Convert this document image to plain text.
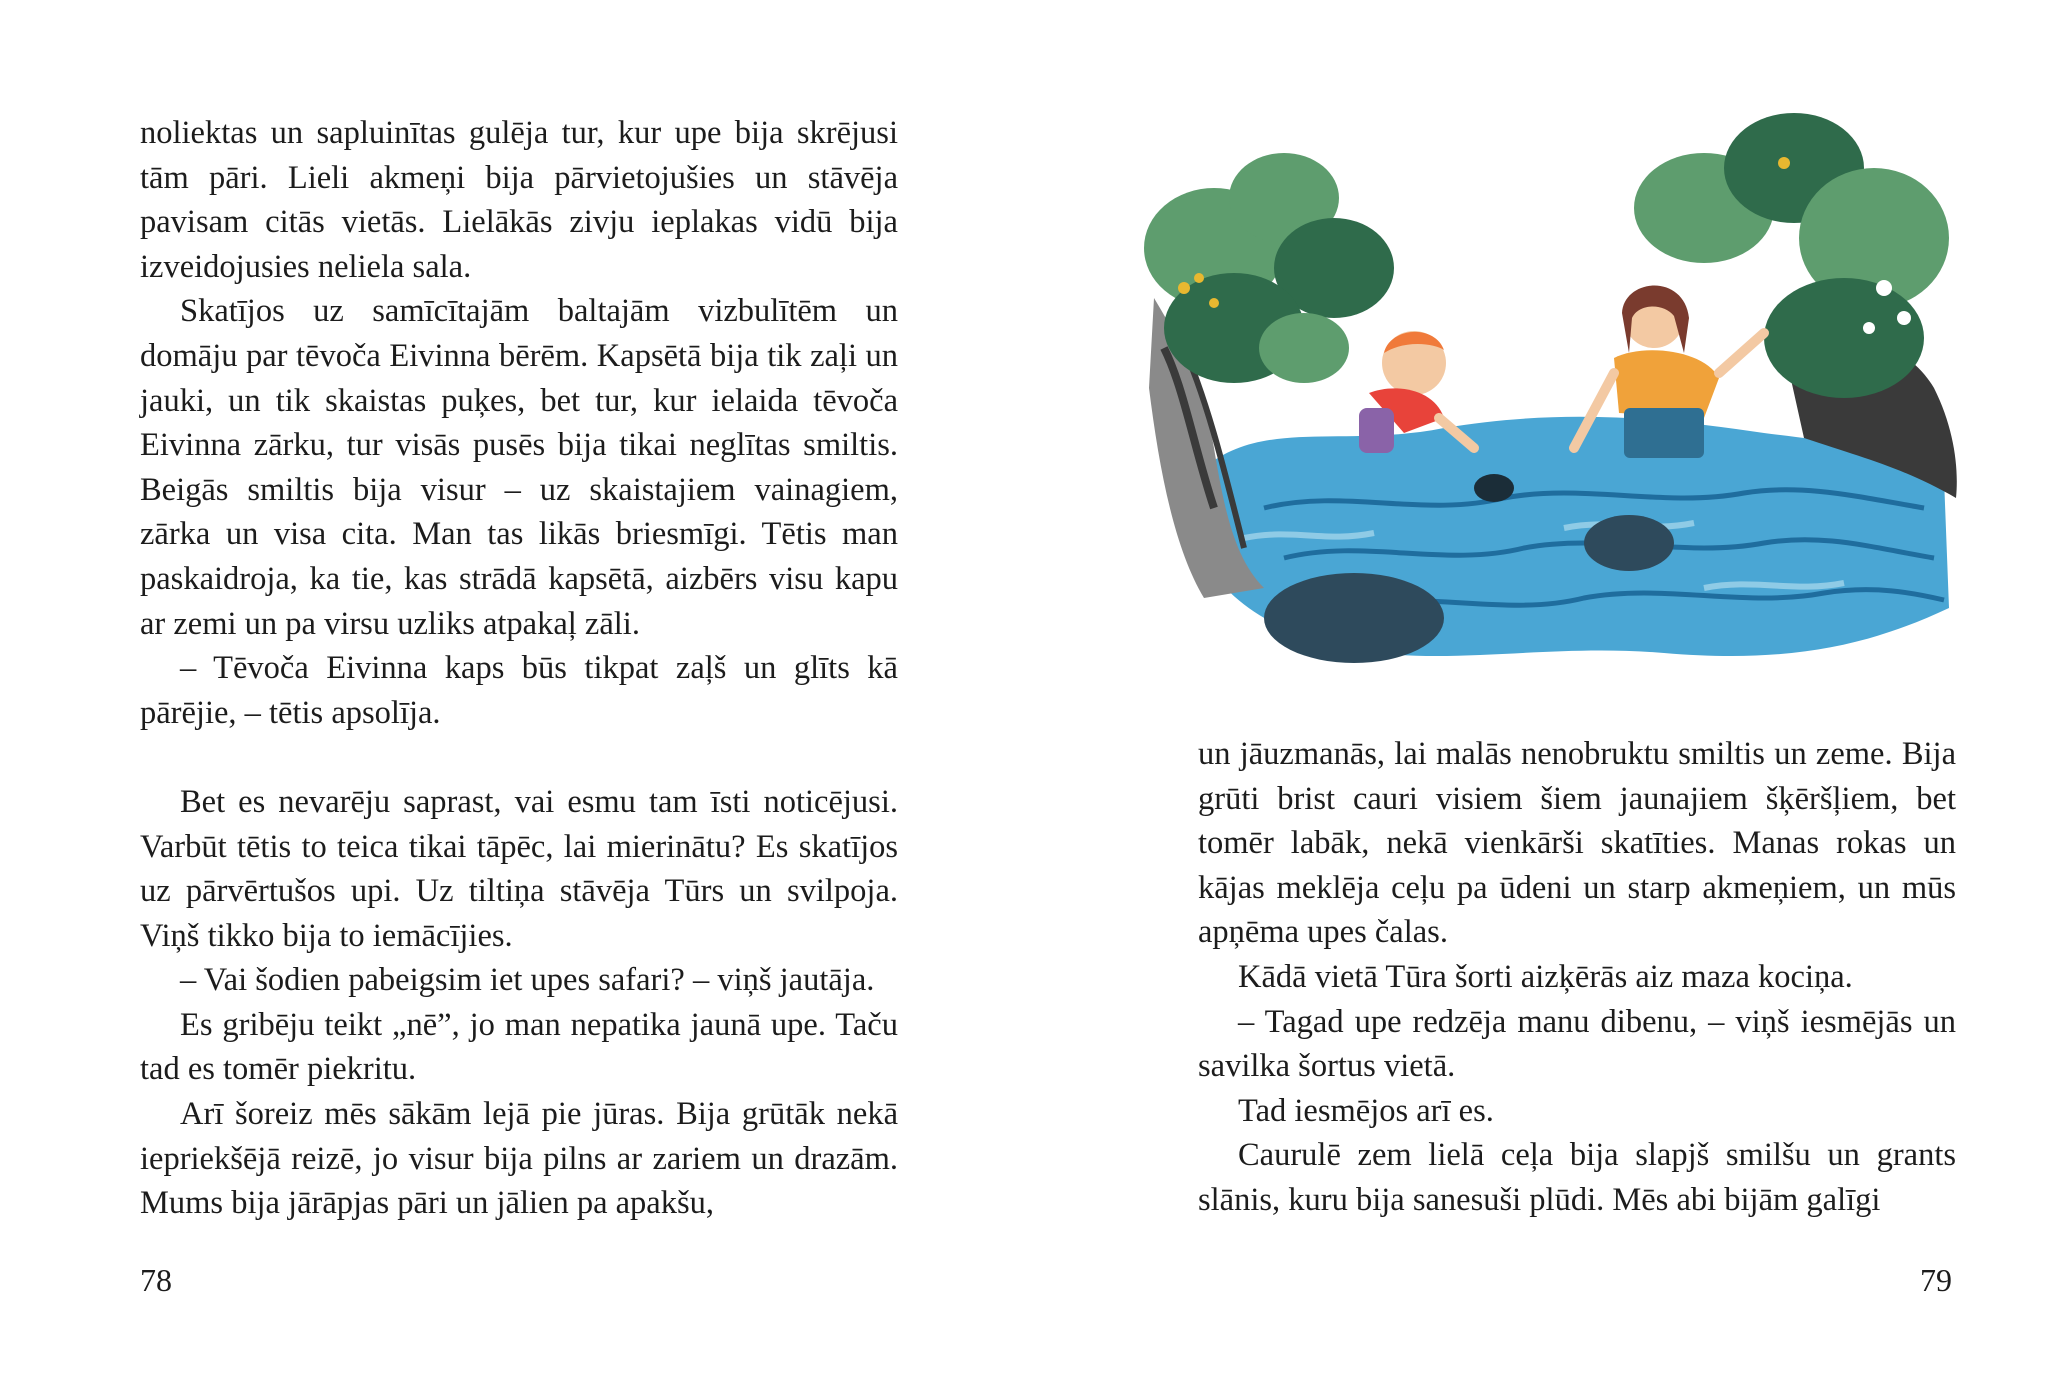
noliektas un sapluinītas gulēja tur, kur upe bija skrējusi tām pāri. Lieli akmeņi bija pārvietojušies un stāvēja pavisam citās vietās. Lielākās zivju ieplakas vidū bija izveidojusies neliela sala.

Skatījos uz samīcītajām baltajām vizbulītēm un domāju par tēvoča Eivinna bērēm. Kapsētā bija tik zaļi un jauki, un tik skaistas puķes, bet tur, kur ielaida tēvoča Eivinna zārku, tur visās pusēs bija tikai neglītas smiltis. Beigās smiltis bija visur – uz skaistajiem vainagiem, zārka un visa cita. Man tas likās briesmīgi. Tētis man paskaidroja, ka tie, kas strādā kapsētā, aizbērs visu kapu ar zemi un pa virsu uzliks atpakaļ zāli.

– Tēvoča Eivinna kaps būs tikpat zaļš un glīts kā pārējie, – tētis apsolīja.

Bet es nevarēju saprast, vai esmu tam īsti noticējusi. Varbūt tētis to teica tikai tāpēc, lai mierinātu? Es skatījos uz pārvērtušos upi. Uz tiltiņa stāvēja Tūrs un svilpoja. Viņš tikko bija to iemācījies.

– Vai šodien pabeigsim iet upes safari? – viņš jautāja.

Es gribēju teikt „nē”, jo man nepatika jaunā upe. Taču tad es tomēr piekritu.

Arī šoreiz mēs sākām lejā pie jūras. Bija grūtāk nekā iepriekšējā reizē, jo visur bija pilns ar zariem un drazām. Mums bija jārāpjas pāri un jālien pa apakšu,

78

un jāuzmanās, lai malās nenobruktu smiltis un zeme. Bija grūti brist cauri visiem šiem jaunajiem šķēršļiem, bet tomēr labāk, nekā vienkārši skatīties. Manas rokas un kājas meklēja ceļu pa ūdeni un starp akmeņiem, un mūs apņēma upes čalas.

Kādā vietā Tūra šorti aizķērās aiz maza kociņa.

– Tagad upe redzēja manu dibenu, – viņš iesmējās un savilka šortus vietā.

Tad iesmējos arī es.

Caurulē zem lielā ceļa bija slapjš smilšu un grants slānis, kuru bija sanesuši plūdi. Mēs abi bijām galīgi

79
